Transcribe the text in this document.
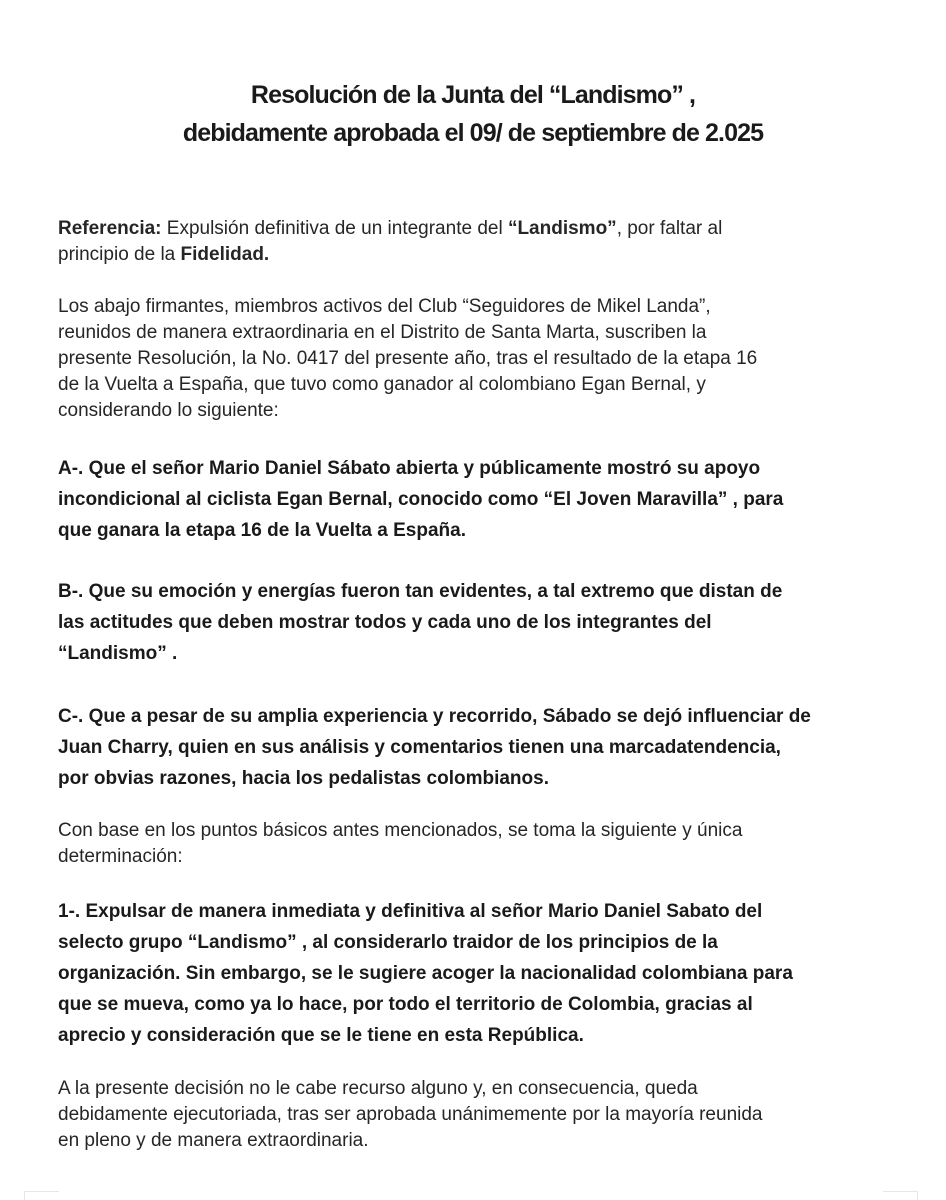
Resolución de la Junta del “Landismo” ,
debidamente aprobada el 09/ de septiembre de 2.025

Referencia: Expulsión definitiva de un integrante del “Landismo”, por faltar al
principio de la Fidelidad.

Los abajo firmantes, miembros activos del Club “Seguidores de Mikel Landa”,
reunidos de manera extraordinaria en el Distrito de Santa Marta, suscriben la
presente Resolución, la No. 0417 del presente año, tras el resultado de la etapa 16
de la Vuelta a España, que tuvo como ganador al colombiano Egan Bernal, y
considerando lo siguiente:

A-. Que el señor Mario Daniel Sábato abierta y públicamente mostró su apoyo
incondicional al ciclista Egan Bernal, conocido como “El Joven Maravilla” , para
que ganara la etapa 16 de la Vuelta a España.

B-. Que su emoción y energías fueron tan evidentes, a tal extremo que distan de
las actitudes que deben mostrar todos y cada uno de los integrantes del
“Landismo” .

C-. Que a pesar de su amplia experiencia y recorrido, Sábado se dejó influenciar de
Juan Charry, quien en sus análisis y comentarios tienen una marcadatendencia,
por obvias razones, hacia los pedalistas colombianos.

Con base en los puntos básicos antes mencionados, se toma la siguiente y única
determinación:

1-. Expulsar de manera inmediata y definitiva al señor Mario Daniel Sabato del
selecto grupo “Landismo” , al considerarlo traidor de los principios de la
organización. Sin embargo, se le sugiere acoger la nacionalidad colombiana para
que se mueva, como ya lo hace, por todo el territorio de Colombia, gracias al
aprecio y consideración que se le tiene en esta República.

A la presente decisión no le cabe recurso alguno y, en consecuencia, queda
debidamente ejecutoriada, tras ser aprobada unánimemente por la mayoría reunida
en pleno y de manera extraordinaria.
